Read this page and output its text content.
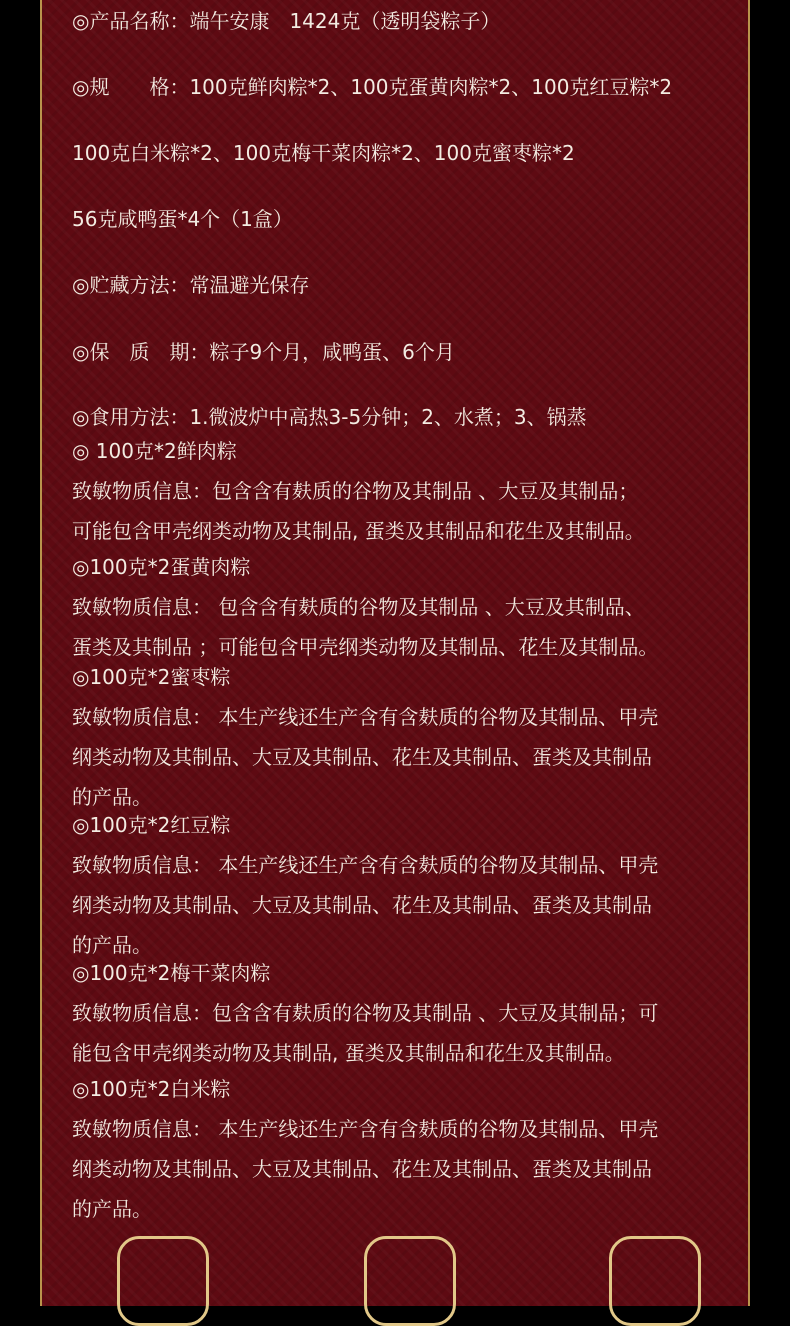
◎产品名称：端午安康　1424克（透明袋粽子）
◎规　　格：100克鲜肉粽*2、100克蛋黄肉粽*2、100克红豆粽*2
100克白米粽*2、100克梅干菜肉粽*2、100克蜜枣粽*2
56克咸鸭蛋*4个（1盒）
◎贮藏方法：常温避光保存
◎保　质　期：粽子9个月，咸鸭蛋、6个月
◎食用方法：1.微波炉中高热3-5分钟；2、水煮；3、锅蒸
◎ 100克*2鲜肉粽
致敏物质信息：包含含有麸质的谷物及其制品 、大豆及其制品；
可能包含甲壳纲类动物及其制品, 蛋类及其制品和花生及其制品。
◎100克*2蛋黄肉粽
致敏物质信息： 包含含有麸质的谷物及其制品 、大豆及其制品、
蛋类及其制品 ；可能包含甲壳纲类动物及其制品、花生及其制品。
◎100克*2蜜枣粽
致敏物质信息： 本生产线还生产含有含麸质的谷物及其制品、甲壳
纲类动物及其制品、大豆及其制品、花生及其制品、蛋类及其制品
的产品。
◎100克*2红豆粽
致敏物质信息： 本生产线还生产含有含麸质的谷物及其制品、甲壳
纲类动物及其制品、大豆及其制品、花生及其制品、蛋类及其制品
的产品。
◎100克*2梅干菜肉粽
致敏物质信息：包含含有麸质的谷物及其制品 、大豆及其制品；可
能包含甲壳纲类动物及其制品, 蛋类及其制品和花生及其制品。
◎100克*2白米粽
致敏物质信息： 本生产线还生产含有含麸质的谷物及其制品、甲壳
纲类动物及其制品、大豆及其制品、花生及其制品、蛋类及其制品
的产品。
